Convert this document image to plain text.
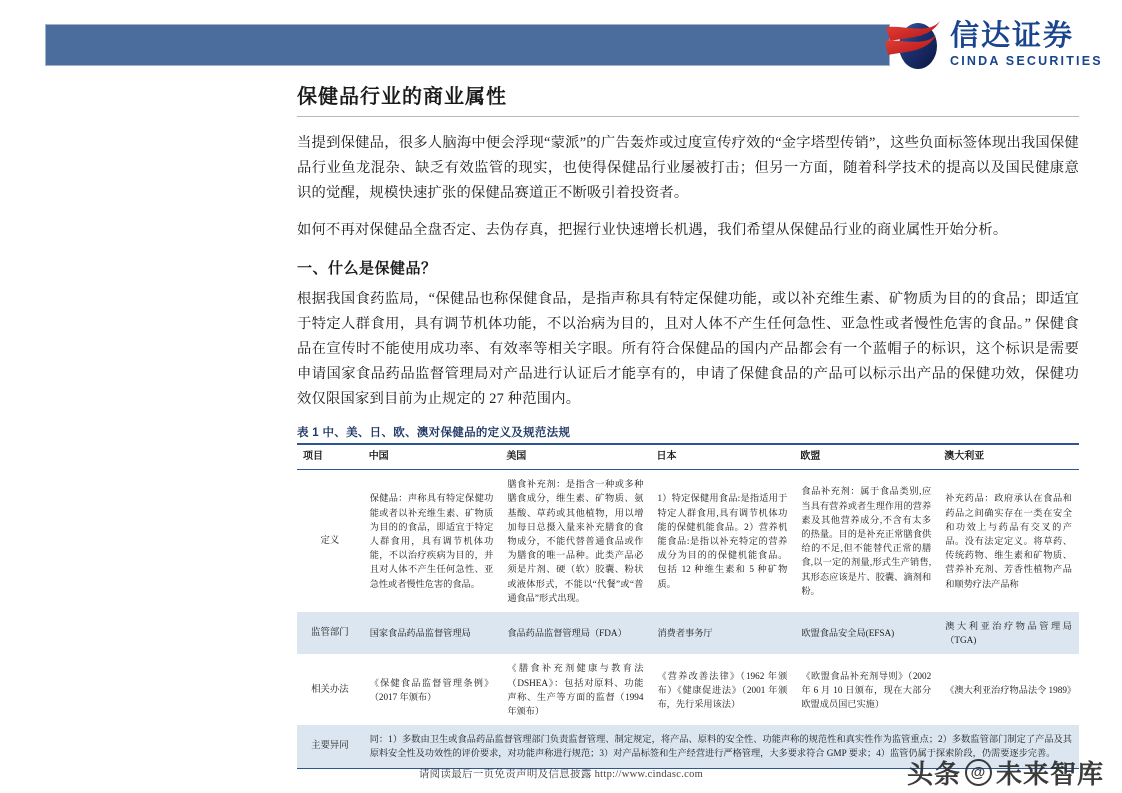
信达证券
CINDA SECURITIES
保健品行业的商业属性

当提到保健品，很多人脑海中便会浮现“蒙派”的广告轰炸或过度宣传疗效的“金字塔型传销”，这些负面标签体现出我国保健品行业鱼龙混杂、缺乏有效监管的现实，也使得保健品行业屡被打击；但另一方面，随着科学技术的提高以及国民健康意识的觉醒，规模快速扩张的保健品赛道正不断吸引着投资者。

如何不再对保健品全盘否定、去伪存真，把握行业快速增长机遇，我们希望从保健品行业的商业属性开始分析。

一、什么是保健品？

根据我国食药监局，“保健品也称保健食品，是指声称具有特定保健功能，或以补充维生素、矿物质为目的的食品；即适宜于特定人群食用，具有调节机体功能，不以治病为目的，且对人体不产生任何急性、亚急性或者慢性危害的食品。” 保健食品在宣传时不能使用成功率、有效率等相关字眼。所有符合保健品的国内产品都会有一个蓝帽子的标识，这个标识是需要申请国家食品药品监督管理局对产品进行认证后才能享有的，申请了保健食品的产品可以标示出产品的保健功效，保健功效仅限国家到目前为止规定的 27 种范围内。

表 1 中、美、日、欧、澳对保健品的定义及规范法规
项目	中国	美国	日本	欧盟	澳大利亚
定义	保健品：声称具有特定保健功能或者以补充维生素、矿物质为目的的食品，即适宜于特定人群食用，具有调节机体功能，不以治疗疾病为目的，并且对人体不产生任何急性、亚急性或者慢性危害的食品。	膳食补充剂：是指含一种或多种膳食成分，维生素、矿物质、氨基酸、草药或其他植物，用以增加每日总摄入量来补充膳食的食物成分，不能代替普通食品或作为膳食的唯一品种。此类产品必须是片剂、硬（软）胶囊、粉状或液体形式，不能以“代餐”或“普通食品”形式出现。	1）特定保健用食品:是指适用于特定人群食用,具有调节机体功能的保健机能食品。2）营养机能食品:是指以补充特定的营养成分为目的的保健机能食品。 包括 12 种维生素和 5 种矿物质。	食品补充剂：属于食品类别,应当具有营养或者生理作用的营养素及其他营养成分,不含有太多的热量。目的是补充正常膳食供给的不足,但不能替代正常的膳食,以一定的剂量,形式生产销售,其形态应该是片、胶囊、滴剂和粉。	补充药品：政府承认在食品和药品之间确实存在一类在安全和功效上与药品有交叉的产品。没有法定定义。将草药、传统药物、维生素和矿物质、营养补充剂、芳香性植物产品和顺势疗法产品称
监管部门	国家食品药品监督管理局	食品药品监督管理局（FDA）	消费者事务厅	欧盟食品安全局(EFSA)	澳大利亚治疗物品管理局（TGA)
相关办法	《保健食品监督管理条例》（2017 年颁布）	《膳食补充剂健康与教育法（DSHEA》：包括对原料、功能声称、生产等方面的监督（1994 年颁布）	《营养改善法律》（1962 年颁布）《健康促进法》（2001 年颁布，先行采用该法）	《欧盟食品补充剂导则》（2002 年 6 月 10 日颁布，现在大部分欧盟成员国已实施）	《澳大利亚治疗物品法令 1989》
主要异同	同：1）多数由卫生或食品药品监督管理部门负责监督管理、制定规定，将产品、原料的安全性、功能声称的规范性和真实性作为监管重点；2）多数监管部门制定了产品及其原料安全性及功效性的评价要求，对功能声称进行规范；3）对产品标签和生产经营进行严格管理，大多要求符合 GMP 要求；4）监管仍属于探索阶段，仍需要逐步完善。				
请阅读最后一页免责声明及信息披露 http://www.cindasc.com	头条 @ 未来智库
